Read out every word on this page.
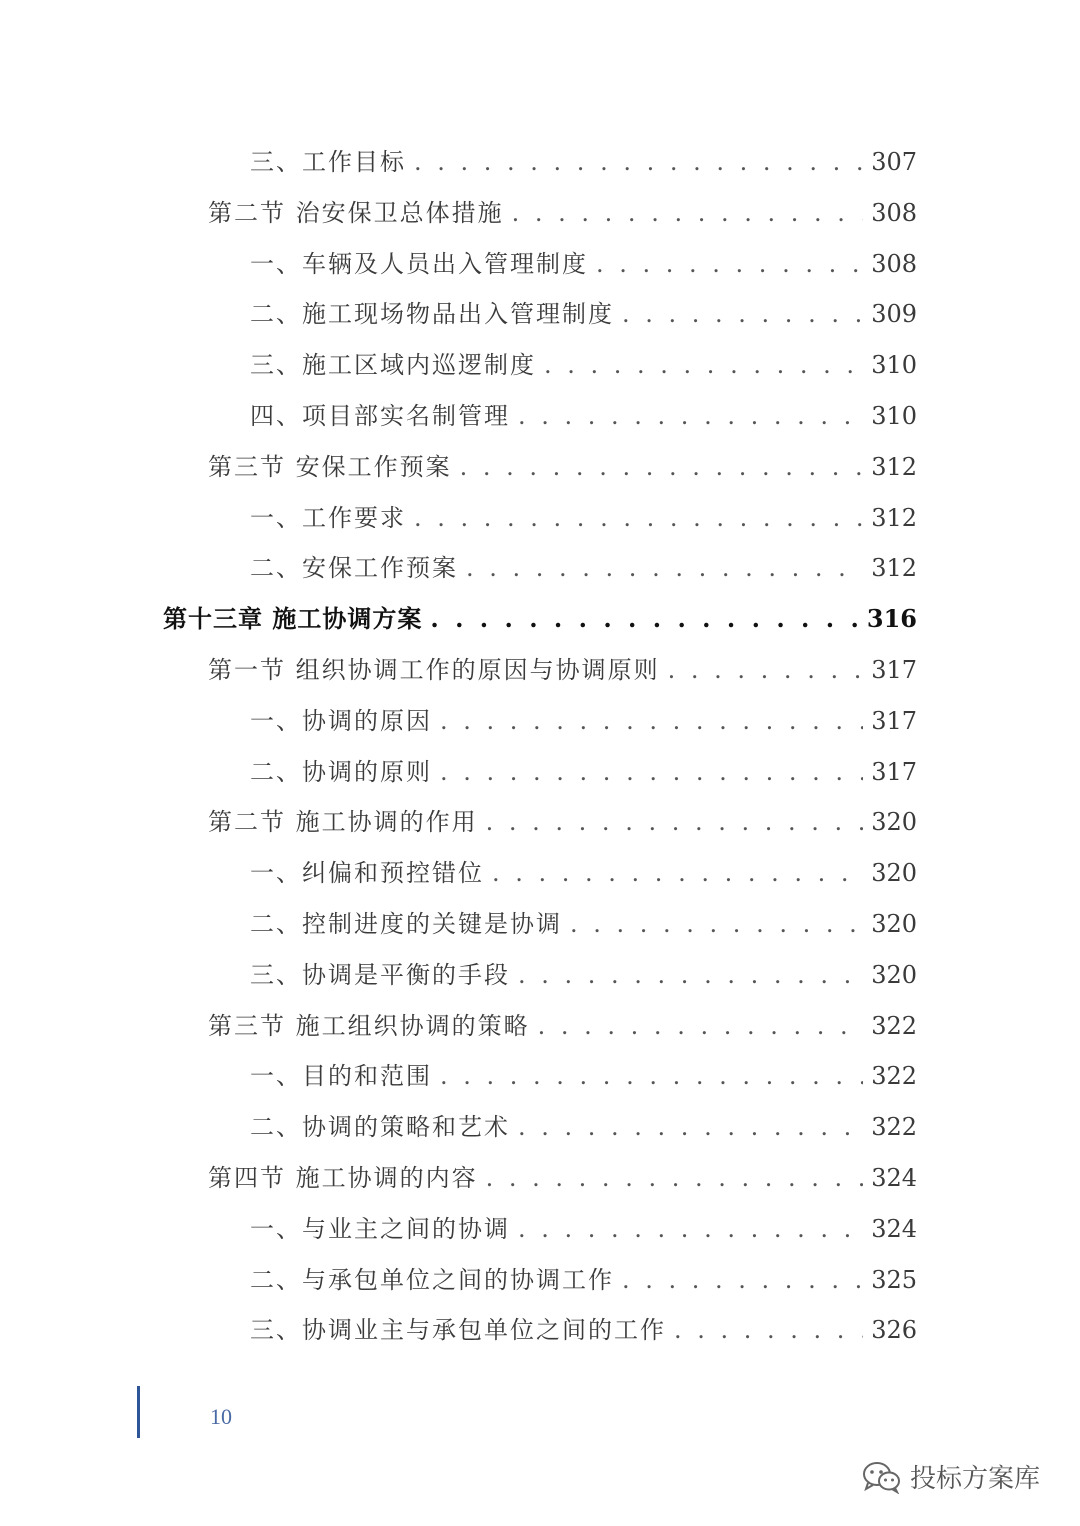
三、工作目标 . . .	307
第二节 治安保卫总体措施 . . .	308
一、车辆及人员出入管理制度 . . .	308
二、施工现场物品出入管理制度 . . .	309
三、施工区域内巡逻制度 . . .	310
四、项目部实名制管理 . . .	310
第三节 安保工作预案 . . .	312
一、工作要求 . . .	312
二、安保工作预案 . . .	312
第十三章 施工协调方案 . . .	316
第一节 组织协调工作的原因与协调原则 . . .	317
一、协调的原因 . . .	317
二、协调的原则 . . .	317
第二节 施工协调的作用 . . .	320
一、纠偏和预控错位 . . .	320
二、控制进度的关键是协调 . . .	320
三、协调是平衡的手段 . . .	320
第三节 施工组织协调的策略 . . .	322
一、目的和范围 . . .	322
二、协调的策略和艺术 . . .	322
第四节 施工协调的内容 . . .	324
一、与业主之间的协调 . . .	324
二、与承包单位之间的协调工作 . . .	325
三、协调业主与承包单位之间的工作 . . .	326
10
投标方案库
